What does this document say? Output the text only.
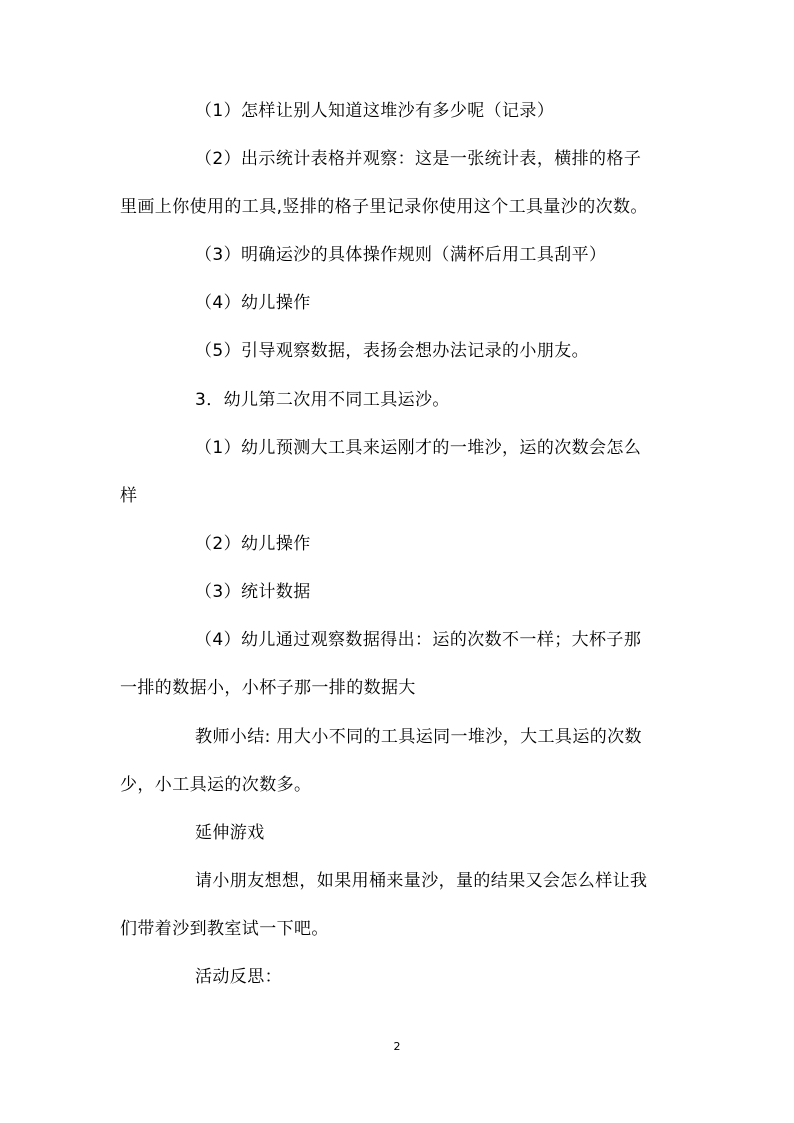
（1）怎样让别人知道这堆沙有多少呢（记录）
（2）出示统计表格并观察：这是一张统计表，横排的格子
里画上你使用的工具,竖排的格子里记录你使用这个工具量沙的次数。
（3）明确运沙的具体操作规则（满杯后用工具刮平）
（4）幼儿操作
（5）引导观察数据，表扬会想办法记录的小朋友。
3．幼儿第二次用不同工具运沙。
（1）幼儿预测大工具来运刚才的一堆沙，运的次数会怎么
样
（2）幼儿操作
（3）统计数据
（4）幼儿通过观察数据得出：运的次数不一样；大杯子那
一排的数据小，小杯子那一排的数据大
教师小结: 用大小不同的工具运同一堆沙，大工具运的次数
少，小工具运的次数多。
延伸游戏
请小朋友想想，如果用桶来量沙，量的结果又会怎么样让我
们带着沙到教室试一下吧。
活动反思：
2
